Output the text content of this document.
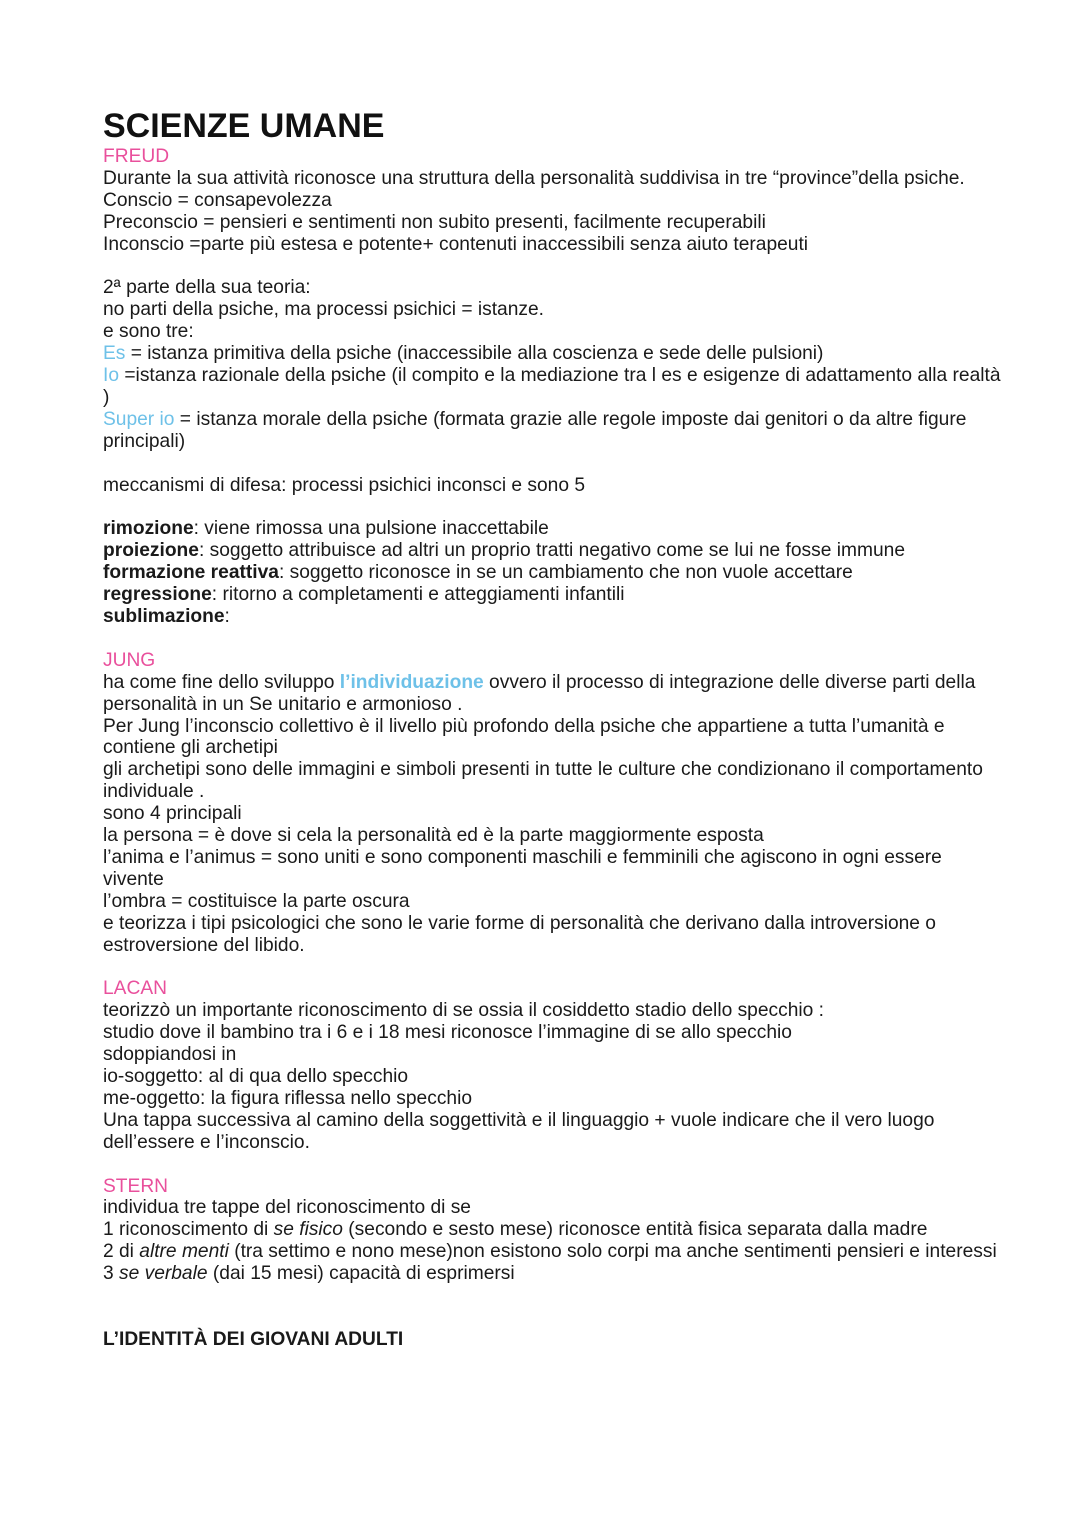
SCIENZE UMANE

FREUD

Durante la sua attività riconosce una struttura della personalità suddivisa in tre “province”della psiche.

Conscio = consapevolezza

Preconscio = pensieri e sentimenti non subito presenti, facilmente recuperabili

Inconscio =parte più estesa e potente+ contenuti inaccessibili senza aiuto terapeuti

2ª parte della sua teoria:

no parti della psiche, ma processi psichici = istanze.

e sono tre:

Es = istanza primitiva della psiche (inaccessibile alla coscienza e sede delle pulsioni)

Io =istanza razionale della psiche (il compito e la mediazione tra l es e esigenze di adattamento alla realtà )

Super io = istanza morale della psiche (formata grazie alle regole imposte dai genitori o da altre figure principali)

meccanismi di difesa: processi psichici inconsci e sono 5

rimozione: viene rimossa una pulsione inaccettabile

proiezione: soggetto attribuisce ad altri un proprio tratti negativo come se lui ne fosse immune

formazione reattiva: soggetto riconosce in se un cambiamento che non vuole accettare

regressione: ritorno a completamenti e atteggiamenti infantili

sublimazione:

JUNG

ha come fine dello sviluppo l’individuazione ovvero il processo di integrazione delle diverse parti della personalità in un Se unitario e armonioso .

Per Jung l’inconscio collettivo è il livello più profondo della psiche che appartiene a tutta l’umanità e contiene gli archetipi

gli archetipi sono delle immagini e simboli presenti in tutte le culture che condizionano il comportamento individuale .

sono 4 principali

la persona = è dove si cela la personalità ed è la parte maggiormente esposta

l’anima e l’animus = sono uniti e sono componenti maschili e femminili che agiscono in ogni essere vivente

l’ombra = costituisce la parte oscura

e teorizza i tipi psicologici che sono le varie forme di personalità che derivano dalla introversione o estroversione del libido.

LACAN

teorizzò un importante riconoscimento di se ossia il cosiddetto stadio dello specchio :

studio dove il bambino tra i 6 e i 18 mesi riconosce l’immagine di se allo specchio

sdoppiandosi in

io-soggetto: al di qua dello specchio

me-oggetto: la figura riflessa nello specchio

Una tappa successiva al camino della soggettività e il linguaggio + vuole indicare che il vero luogo dell’essere e l’inconscio.

STERN

individua tre tappe del riconoscimento di se

1 riconoscimento di se fisico (secondo e sesto mese) riconosce entità fisica separata dalla madre

2 di altre menti (tra settimo e nono mese)non esistono solo corpi ma anche sentimenti pensieri e interessi

3 se verbale (dai 15 mesi) capacità di esprimersi

L’IDENTITÀ DEI GIOVANI ADULTI
